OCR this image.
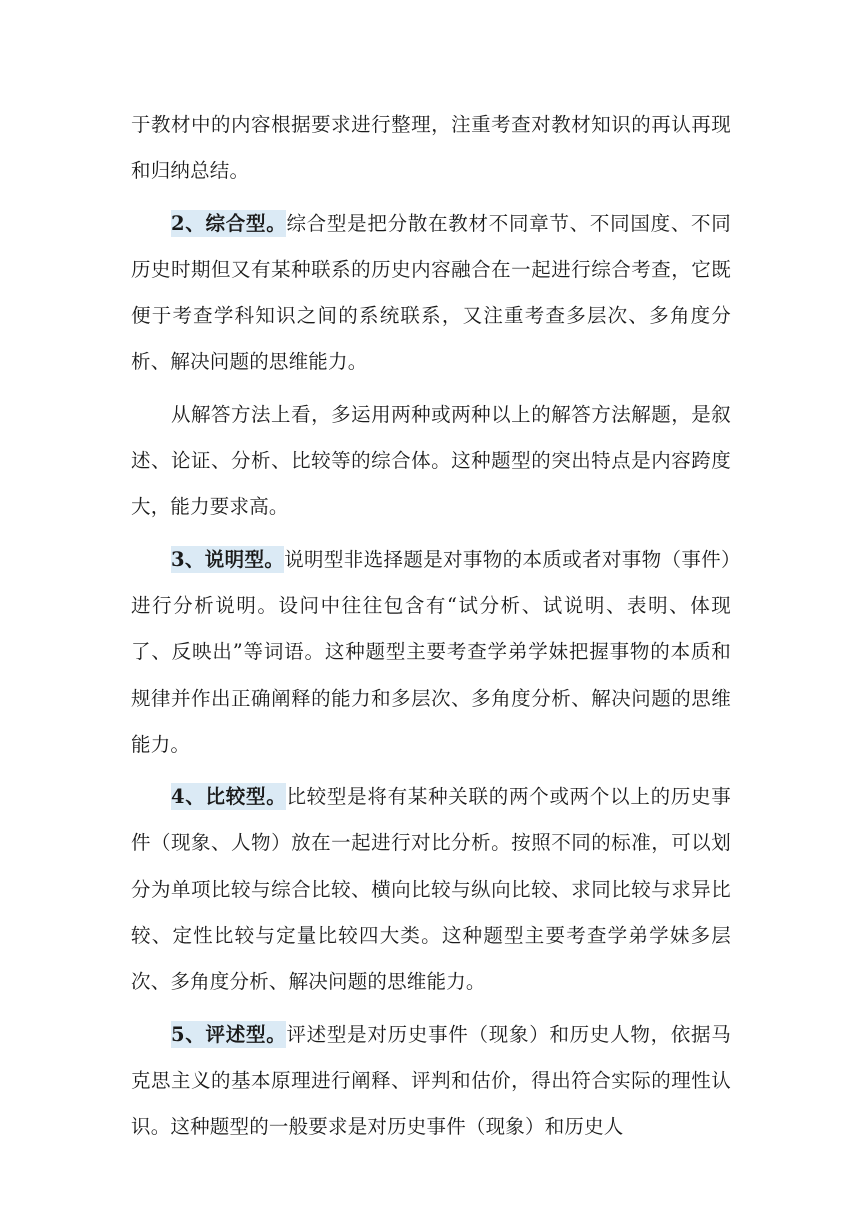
于教材中的内容根据要求进行整理，注重考查对教材知识的再认再现和归纳总结。

2、综合型。综合型是把分散在教材不同章节、不同国度、不同历史时期但又有某种联系的历史内容融合在一起进行综合考查，它既便于考查学科知识之间的系统联系，又注重考查多层次、多角度分析、解决问题的思维能力。

从解答方法上看，多运用两种或两种以上的解答方法解题，是叙述、论证、分析、比较等的综合体。这种题型的突出特点是内容跨度大，能力要求高。

3、说明型。说明型非选择题是对事物的本质或者对事物（事件）进行分析说明。设问中往往包含有“试分析、试说明、表明、体现了、反映出”等词语。这种题型主要考查学弟学妹把握事物的本质和规律并作出正确阐释的能力和多层次、多角度分析、解决问题的思维能力。

4、比较型。比较型是将有某种关联的两个或两个以上的历史事件（现象、人物）放在一起进行对比分析。按照不同的标准，可以划分为单项比较与综合比较、横向比较与纵向比较、求同比较与求异比较、定性比较与定量比较四大类。这种题型主要考查学弟学妹多层次、多角度分析、解决问题的思维能力。

5、评述型。评述型是对历史事件（现象）和历史人物，依据马克思主义的基本原理进行阐释、评判和估价，得出符合实际的理性认识。这种题型的一般要求是对历史事件（现象）和历史人
